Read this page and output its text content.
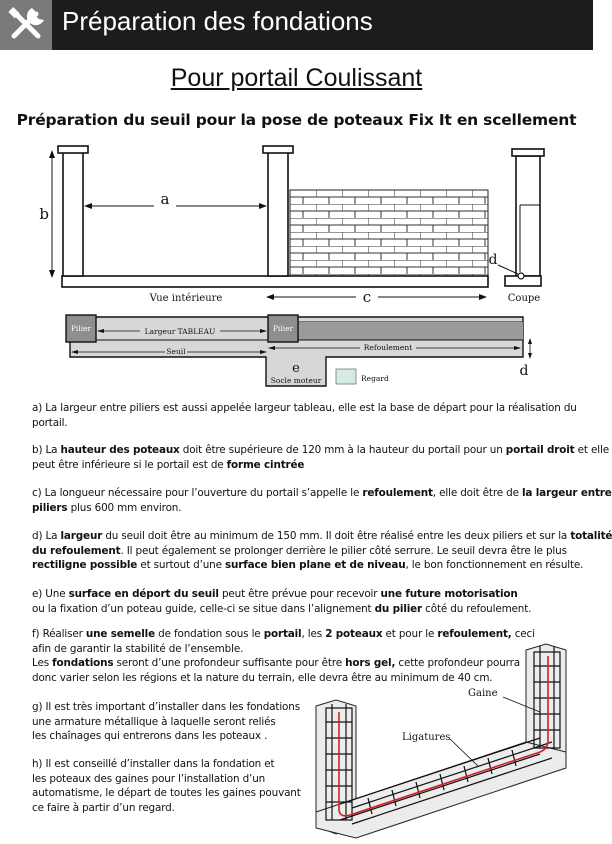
Préparation des fondations
Pour portail Coulissant
Préparation du seuil pour la pose de poteaux Fix It en scellement
b
a
c
Vue intérieure
d
Coupe
Pilier	Pilier
Largeur TABLEAU
Seuil	Refoulement
d
e
Socle moteur	Regard
a) La largeur entre piliers est aussi appelée largeur tableau, elle est la base de départ pour la réalisation du
portail.
b) La hauteur des poteaux doit être supérieure de 120 mm à la hauteur du portail pour un portail droit et elle
peut être inférieure si le portail est de forme cintrée
c) La longueur nécessaire pour l’ouverture du portail s’appelle le refoulement, elle doit être de la largeur entre
piliers plus 600 mm environ.
d) La largeur du seuil doit être au minimum de 150 mm. Il doit être réalisé entre les deux piliers et sur la totalité
du refoulement. Il peut également se prolonger derrière le pilier côté serrure. Le seuil devra être le plus
rectiligne possible et surtout d’une surface bien plane et de niveau, le bon fonctionnement en résulte.
e) Une surface en déport du seuil peut être prévue pour recevoir une future motorisation
ou la fixation d’un poteau guide, celle-ci se situe dans l’alignement du pilier côté du refoulement.
f) Réaliser une semelle de fondation sous le portail, les 2 poteaux et pour le refoulement, ceci
afin de garantir la stabilité de l’ensemble.
Les fondations seront d’une profondeur suffisante pour être hors gel, cette profondeur pourra
donc varier selon les régions et la nature du terrain, elle devra être au minimum de 40 cm.
g) Il est très important d’installer dans les fondations
une armature métallique à laquelle seront reliés
les chaînages qui entrerons dans les poteaux .
h) Il est conseillé d’installer dans la fondation et
les poteaux des gaines pour l’installation d’un
automatisme, le départ de toutes les gaines pouvant
ce faire à partir d’un regard.
Gaine
Ligatures
